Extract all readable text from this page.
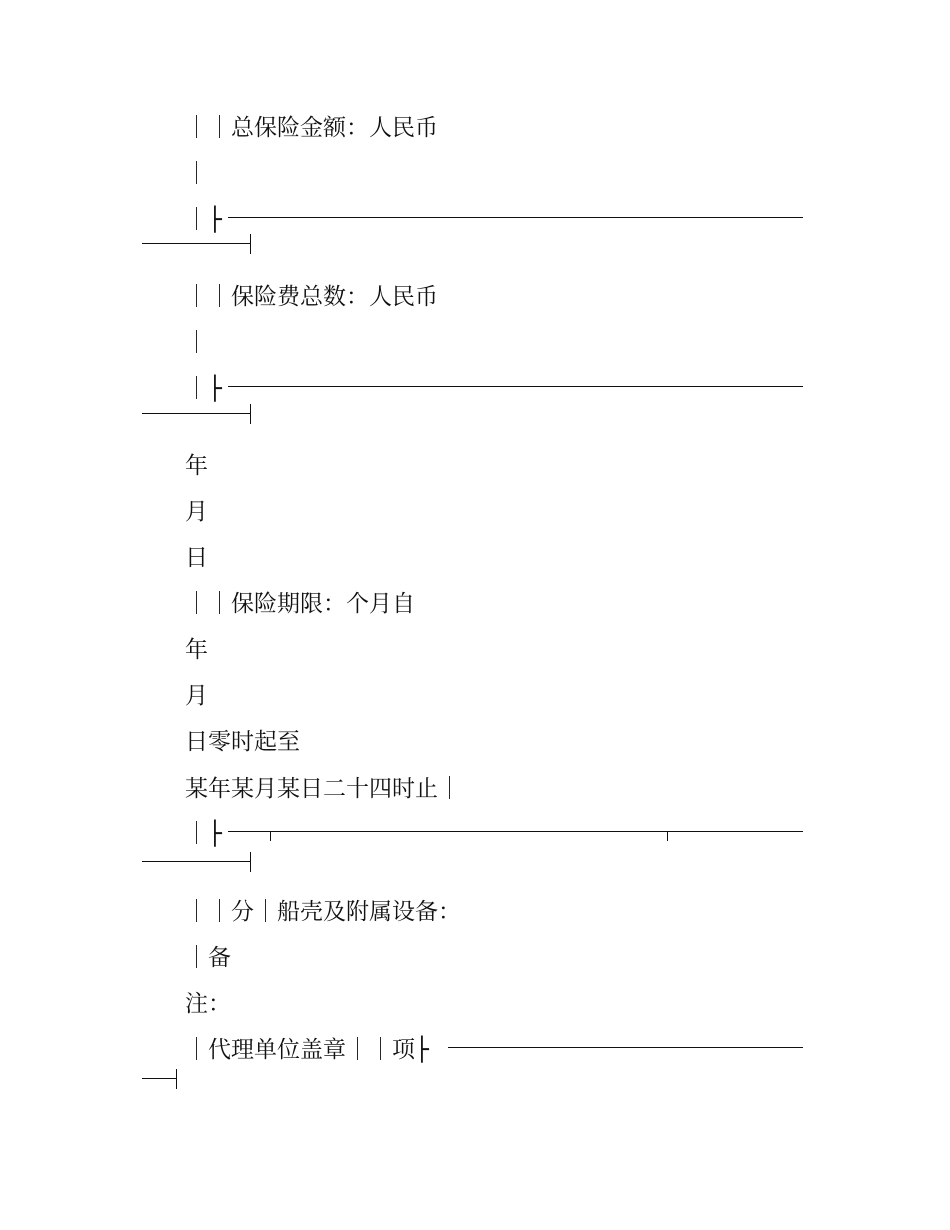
｜｜总保险金额：人民币
｜
｜├
｜｜保险费总数：人民币
｜
｜├
年
月
日
｜｜保险期限：个月自
年
月
日零时起至
某年某月某日二十四时止｜
｜├
｜｜分｜船壳及附属设备：
｜备
注：
｜代理单位盖章｜｜项├
